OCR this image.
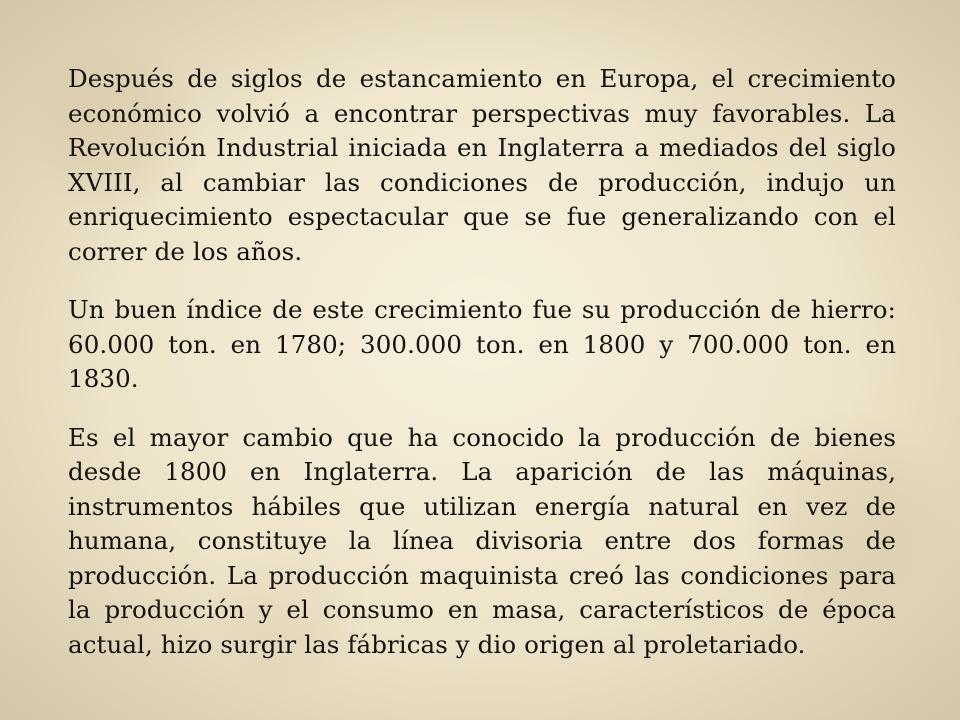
Después de siglos de estancamiento en Europa, el crecimiento económico volvió a encontrar perspectivas muy favorables. La Revolución Industrial iniciada en Inglaterra a mediados del siglo XVIII, al cambiar las condiciones de producción, indujo un enriquecimiento espectacular que se fue generalizando con el correr de los años.

Un buen índice de este crecimiento fue su producción de hierro: 60.000 ton. en 1780; 300.000 ton. en 1800 y 700.000 ton. en 1830.

Es el mayor cambio que ha conocido la producción de bienes desde 1800 en Inglaterra. La aparición de las máquinas, instrumentos hábiles que utilizan energía natural en vez de humana, constituye la línea divisoria entre dos formas de producción. La producción maquinista creó las condiciones para la producción y el consumo en masa, característicos de época actual, hizo surgir las fábricas y dio origen al proletariado.
